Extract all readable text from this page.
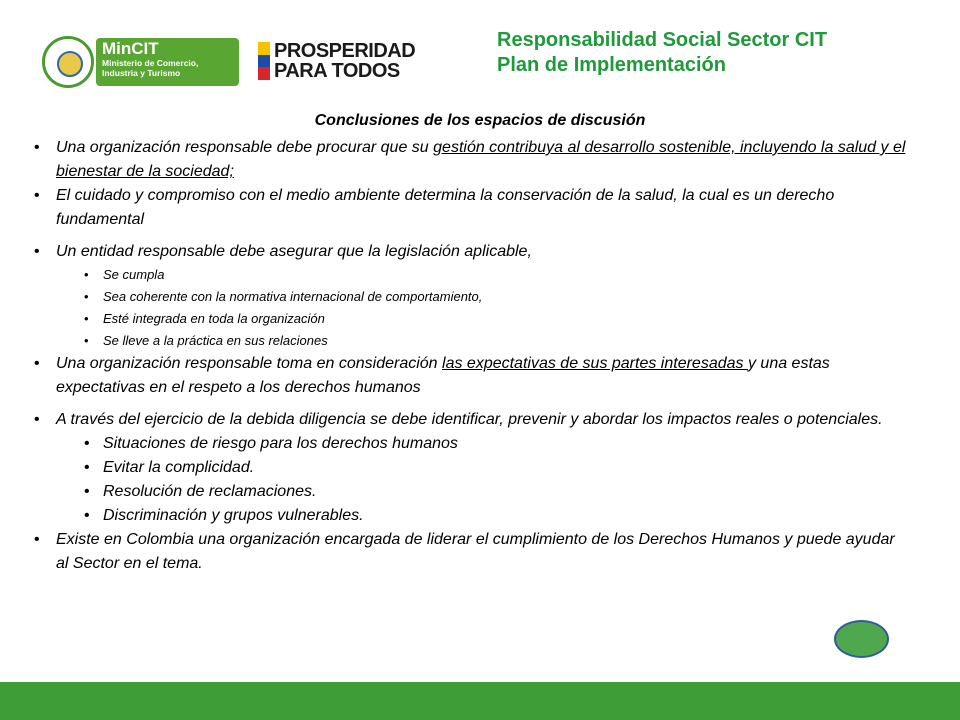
MinCIT
Ministerio de Comercio,
Industria y Turismo
PROSPERIDAD
PARA TODOS
Responsabilidad Social Sector CIT
Plan de Implementación
Conclusiones de los espacios de discusión
• Una organización responsable debe procurar que su gestión contribuya al desarrollo sostenible, incluyendo la salud y el bienestar de la sociedad;
• El cuidado y compromiso con el medio ambiente determina la conservación de la salud, la cual es un derecho fundamental
• Un entidad responsable debe asegurar que la legislación aplicable,
• Se cumpla
• Sea coherente con la normativa internacional de comportamiento,
• Esté integrada en toda la organización
• Se lleve a la práctica en sus relaciones
• Una organización responsable toma en consideración las expectativas de sus partes interesadas y una estas expectativas en el respeto a los derechos humanos
• A través del ejercicio de la debida diligencia se debe identificar, prevenir y abordar los impactos reales o potenciales.
• Situaciones de riesgo para los derechos humanos
• Evitar la complicidad.
• Resolución de reclamaciones.
• Discriminación y grupos vulnerables.
• Existe en Colombia una organización encargada de liderar el cumplimiento de los Derechos Humanos y puede ayudar al Sector en el tema.
